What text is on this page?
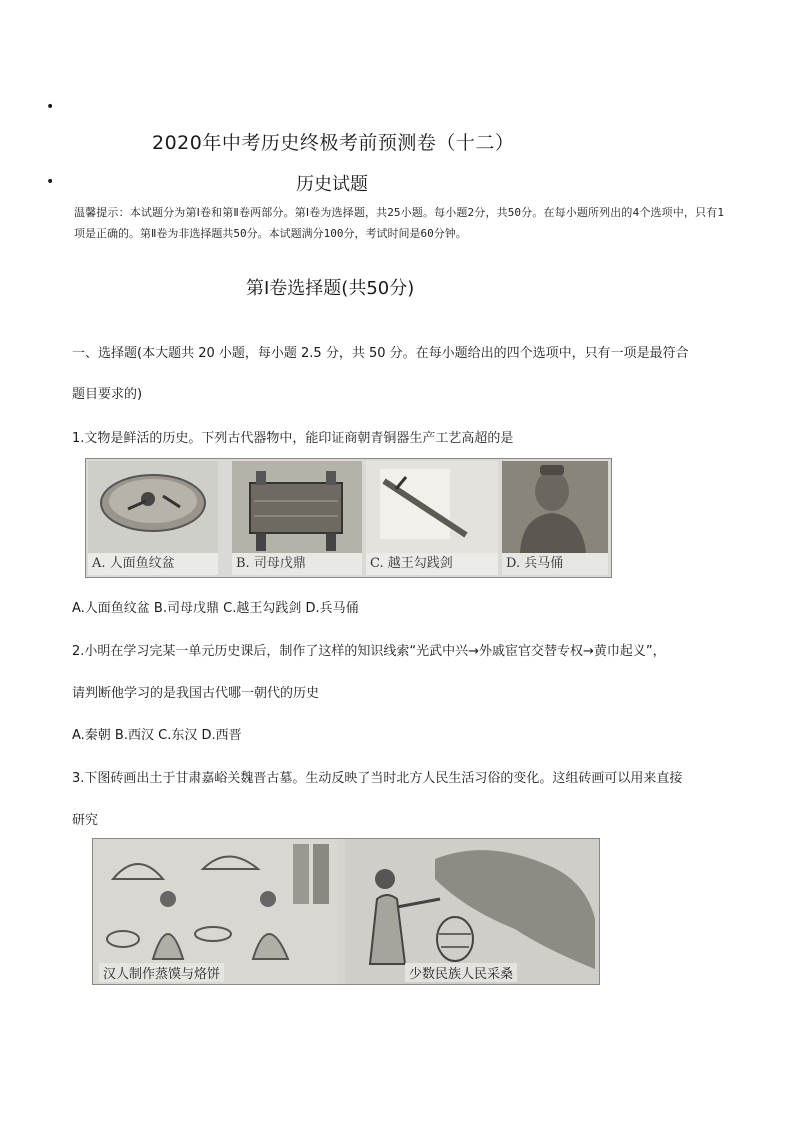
•
2020年中考历史终极考前预测卷（十二）
•	历史试题
温馨提示：本试题分为第Ⅰ卷和第Ⅱ卷两部分。第Ⅰ卷为选择题，共25小题。每小题2分，共50分。在每小题所列出的4个选项中，只有1项是正确的。第Ⅱ卷为非选择题共50分。本试题满分100分，考试时间是60分钟。
第Ⅰ卷选择题(共50分)
一、选择题(本大题共 20 小题，每小题 2.5 分，共 50 分。在每小题给出的四个选项中，只有一项是最符合
题目要求的)
1.文物是鲜活的历史。下列古代器物中，能印证商朝青铜器生产工艺高超的是
A. 人面鱼纹盆	B. 司母戊鼎	C. 越王勾践剑	D. 兵马俑
A.人面鱼纹盆 B.司母戊鼎 C.越王勾践剑 D.兵马俑
2.小明在学习完某一单元历史课后，制作了这样的知识线索“光武中兴→外戚宦官交替专权→黄巾起义”，
请判断他学习的是我国古代哪一朝代的历史
A.秦朝 B.西汉 C.东汉 D.西晋
3.下图砖画出土于甘肃嘉峪关魏晋古墓。生动反映了当时北方人民生活习俗的变化。这组砖画可以用来直接
研究
汉人制作蒸馍与烙饼	少数民族人民采桑
